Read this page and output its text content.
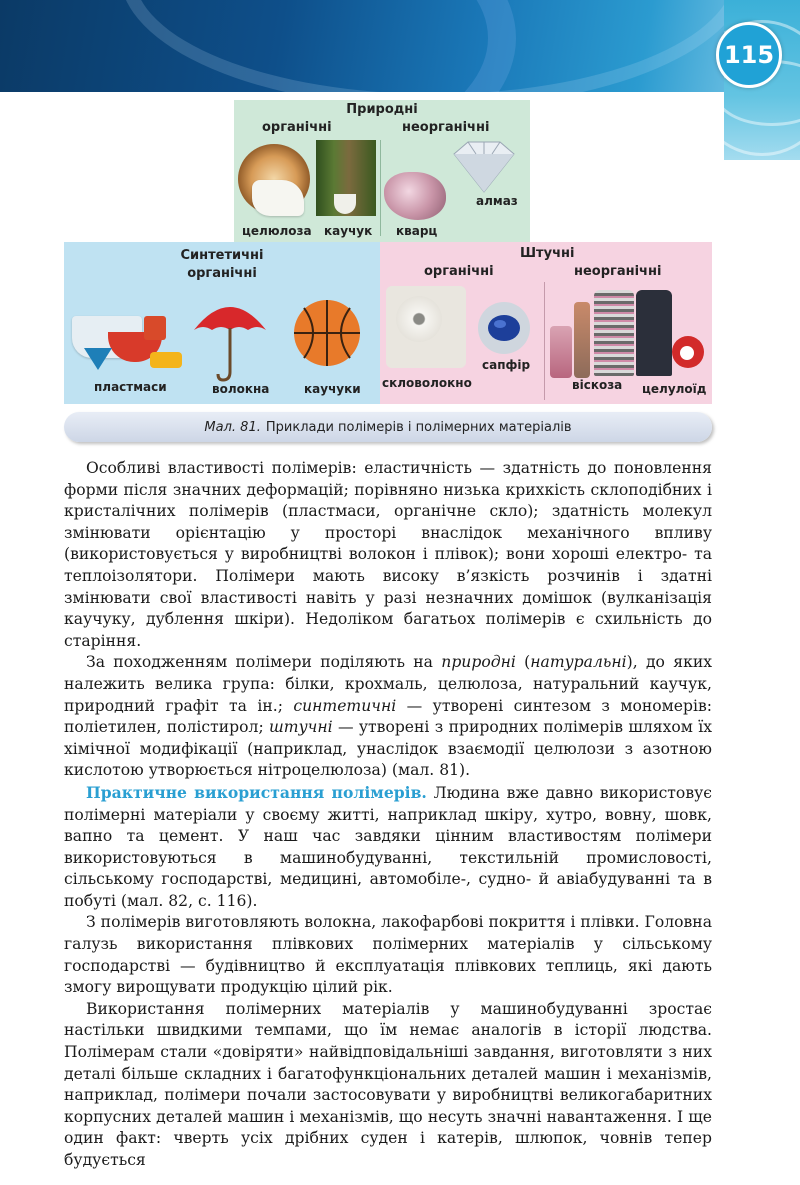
115
Природні
органічні	неорганічні
целюлоза каучук кварц
алмаз
Синтетичні
органічні
пластмаси	волокна	каучуки
Штучні
органічні	неорганічні
скловолокно
сапфір
віскоза целулоїд
Мал. 81. Приклади полімерів і полімерних матеріалів

Особливі властивості полімерів: еластичність — здатність до поновлення форми після значних деформацій; порівняно низька крихкість склоподібних і кристалічних полімерів (пластмаси, органічне скло); здатність молекул змінювати орієнтацію у просторі внаслідок механічного впливу (використовується у виробництві волокон і плівок); вони хороші електро- та теплоізолятори. Полімери мають високу в’язкість розчинів і здатні змінювати свої властивості навіть у разі незначних домішок (вулканізація каучуку, дублення шкіри). Недоліком багатьох полімерів є схильність до старіння.

За походженням полімери поділяють на природні (натуральні), до яких належить велика група: білки, крохмаль, целюлоза, натуральний каучук, природний графіт та ін.; синтетичні — утворені синтезом з мономерів: поліетилен, полістирол; штучні — утворені з природних полімерів шляхом їх хімічної модифікації (наприклад, унаслідок взаємодії целюлози з азотною кислотою утворюється нітроцелюлоза) (мал. 81).

Практичне використання полімерів. Людина вже давно використовує полімерні матеріали у своєму житті, наприклад шкіру, хутро, вовну, шовк, вапно та цемент. У наш час завдяки цінним властивостям полімери використовуються в машинобудуванні, текстильній промисловості, сільському господарстві, медицині, автомобіле-, судно- й авіабудуванні та в побуті (мал. 82, с. 116).

З полімерів виготовляють волокна, лакофарбові покриття і плівки. Головна галузь використання плівкових полімерних матеріалів у сільському господарстві — будівництво й експлуатація плівкових теплиць, які дають змогу вирощувати продукцію цілий рік.

Використання полімерних матеріалів у машинобудуванні зростає настільки швидкими темпами, що їм немає аналогів в історії людства. Полімерам стали «довіряти» найвідповідальніші завдання, виготовляти з них деталі більше складних і багатофункціональних деталей машин і механізмів, наприклад, полімери почали застосовувати у виробництві великогабаритних корпусних деталей машин і механізмів, що несуть значні навантаження. І ще один факт: чверть усіх дрібних суден і катерів, шлюпок, човнів тепер будується
